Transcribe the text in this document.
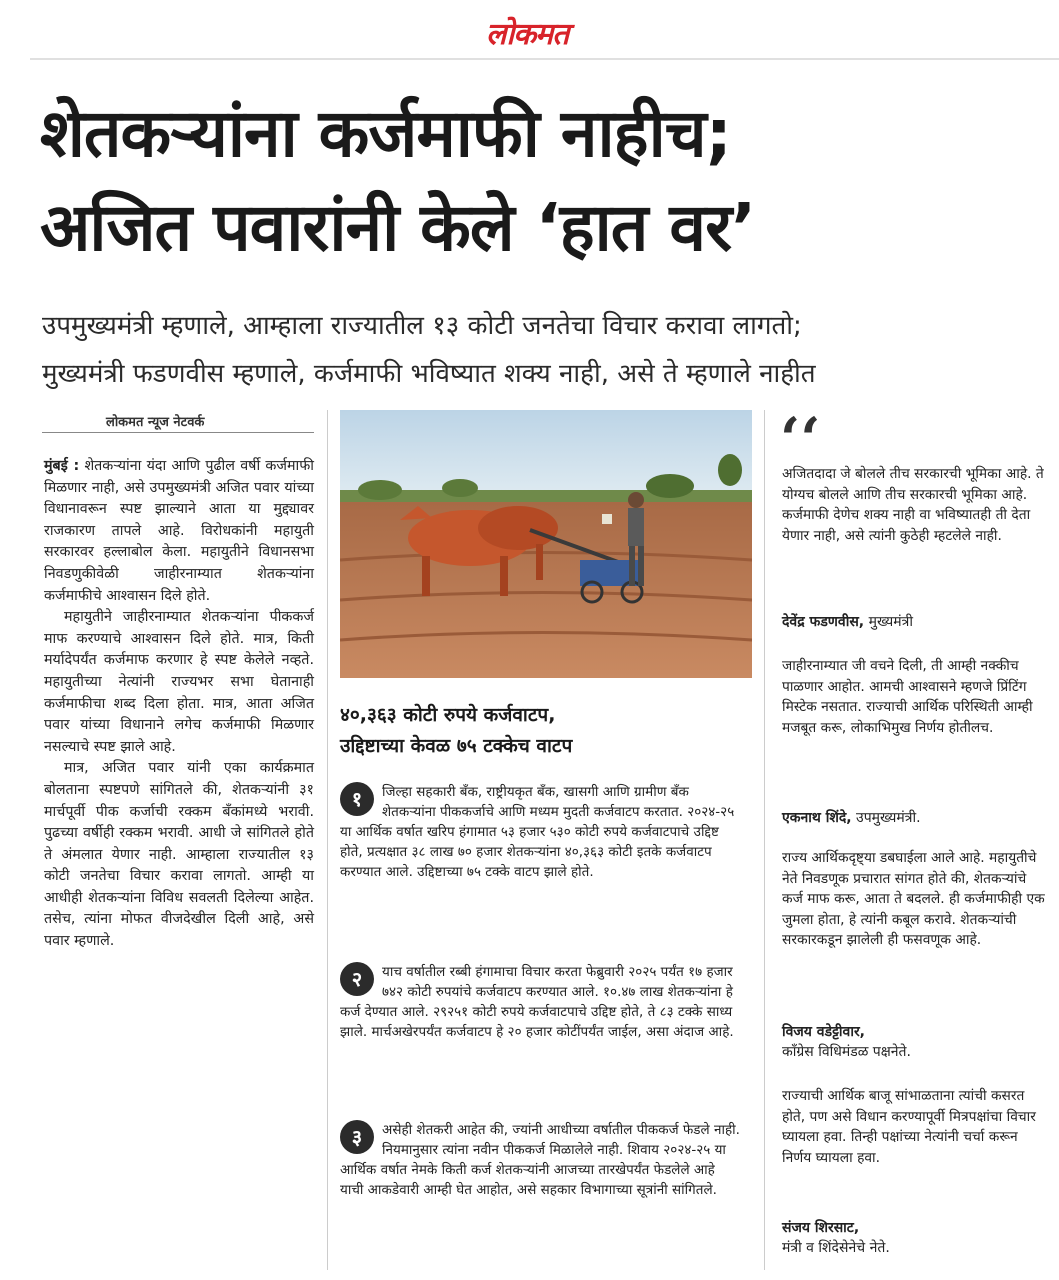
लोकमत
शेतकऱ्यांना कर्जमाफी नाहीच;
अजित पवारांनी केले ‘हात वर’
उपमुख्यमंत्री म्हणाले, आम्हाला राज्यातील १३ कोटी जनतेचा विचार करावा लागतो;
मुख्यमंत्री फडणवीस म्हणाले, कर्जमाफी भविष्यात शक्य नाही, असे ते म्हणाले नाहीत
लोकमत न्यूज नेटवर्क

मुंबई : शेतकऱ्यांना यंदा आणि पुढील वर्षी कर्जमाफी मिळणार नाही, असे उपमुख्यमंत्री अजित पवार यांच्या विधानावरून स्पष्ट झाल्याने आता या मुद्द्यावर राजकारण तापले आहे. विरोधकांनी महायुती सरकारवर हल्लाबोल केला. महायुतीने विधानसभा निवडणुकीवेळी जाहीरनाम्यात शेतकऱ्यांना कर्जमाफीचे आश्वासन दिले होते.

महायुतीने जाहीरनाम्यात शेतकऱ्यांना पीककर्ज माफ करण्याचे आश्वासन दिले होते. मात्र, किती मर्यादेपर्यंत कर्जमाफ करणार हे स्पष्ट केलेले नव्हते. महायुतीच्या नेत्यांनी राज्यभर सभा घेतानाही कर्जमाफीचा शब्द दिला होता. मात्र, आता अजित पवार यांच्या विधानाने लगेच कर्जमाफी मिळणार नसल्याचे स्पष्ट झाले आहे.

मात्र, अजित पवार यांनी एका कार्यक्रमात बोलताना स्पष्टपणे सांगितले की, शेतकऱ्यांनी ३१ मार्चपूर्वी पीक कर्जाची रक्कम बँकांमध्ये भरावी. पुढच्या वर्षीही रक्कम भरावी. आधी जे सांगितले होते ते अंमलात येणार नाही. आम्हाला राज्यातील १३ कोटी जनतेचा विचार करावा लागतो. आम्ही या आधीही शेतकऱ्यांना विविध सवलती दिलेल्या आहेत. तसेच, त्यांना मोफत वीजदेखील दिली आहे, असे पवार म्हणाले.

४०,३६३ कोटी रुपये कर्जवाटप,
उद्दिष्टाच्या केवळ ७५ टक्केच वाटप
१	जिल्हा सहकारी बँक, राष्ट्रीयकृत बँक, खासगी आणि ग्रामीण बँक शेतकऱ्यांना पीककर्जाचे आणि मध्यम मुदती कर्जवाटप करतात. २०२४-२५ या आर्थिक वर्षात खरिप हंगामात ५३ हजार ५३० कोटी रुपये कर्जवाटपाचे उद्दिष्ट होते, प्रत्यक्षात ३८ लाख ७० हजार शेतकऱ्यांना ४०,३६३ कोटी इतके कर्जवाटप करण्यात आले. उद्दिष्टाच्या ७५ टक्के वाटप झाले होते.
२	याच वर्षातील रब्बी हंगामाचा विचार करता फेब्रुवारी २०२५ पर्यंत १७ हजार ७४२ कोटी रुपयांचे कर्जवाटप करण्यात आले. १०.४७ लाख शेतकऱ्यांना हे कर्ज देण्यात आले. २९२५१ कोटी रुपये कर्जवाटपाचे उद्दिष्ट होते, ते ८३ टक्के साध्य झाले. मार्चअखेरपर्यंत कर्जवाटप हे २० हजार कोटींपर्यंत जाईल, असा अंदाज आहे.
३	असेही शेतकरी आहेत की, ज्यांनी आधीच्या वर्षातील पीककर्ज फेडले नाही. नियमानुसार त्यांना नवीन पीककर्ज मिळालेले नाही. शिवाय २०२४-२५ या आर्थिक वर्षात नेमके किती कर्ज शेतकऱ्यांनी आजच्या तारखेपर्यंत फेडलेले आहे याची आकडेवारी आम्ही घेत आहोत, असे सहकार विभागाच्या सूत्रांनी सांगितले.
‘‘
अजितदादा जे बोलले तीच सरकारची भूमिका आहे. ते योग्यच बोलले आणि तीच सरकारची भूमिका आहे. कर्जमाफी देणेच शक्य नाही वा भविष्यातही ती देता येणार नाही, असे त्यांनी कुठेही म्हटलेले नाही.
देवेंद्र फडणवीस, मुख्यमंत्री
जाहीरनाम्यात जी वचने दिली, ती आम्ही नक्कीच पाळणार आहोत. आमची आश्वासने म्हणजे प्रिंटिंग मिस्टेक नसतात. राज्याची आर्थिक परिस्थिती आम्ही मजबूत करू, लोकाभिमुख निर्णय होतीलच.
एकनाथ शिंदे, उपमुख्यमंत्री.
राज्य आर्थिकदृष्ट्या डबघाईला आले आहे. महायुतीचे नेते निवडणूक प्रचारात सांगत होते की, शेतकऱ्यांचे कर्ज माफ करू, आता ते बदलले. ही कर्जमाफीही एक जुमला होता, हे त्यांनी कबूल करावे. शेतकऱ्यांची सरकारकडून झालेली ही फसवणूक आहे.
विजय वडेट्टीवार,
काँग्रेस विधिमंडळ पक्षनेते.
राज्याची आर्थिक बाजू सांभाळताना त्यांची कसरत होते, पण असे विधान करण्यापूर्वी मित्रपक्षांचा विचार घ्यायला हवा. तिन्ही पक्षांच्या नेत्यांनी चर्चा करून निर्णय घ्यायला हवा.
संजय शिरसाट,
मंत्री व शिंदेसेनेचे नेते.
